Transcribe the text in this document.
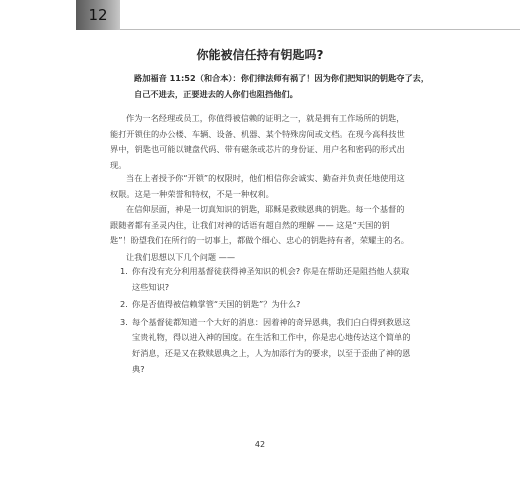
12
你能被信任持有钥匙吗?
路加福音 11:52（和合本）：你们律法师有祸了！因为你们把知识的钥匙夺了去，自己不进去，正要进去的人你们也阻挡他们。
作为一名经理或员工，你值得被信赖的证明之一，就是拥有工作场所的钥匙，能打开锁住的办公楼、车辆、设备、机器、某个特殊房间或文档。在现今高科技世界中，钥匙也可能以键盘代码、带有磁条或芯片的身份证、用户名和密码的形式出现。
当在上者授予你“开锁”的权限时，他们相信你会诚实、勤奋并负责任地使用这权限。这是一种荣誉和特权，不是一种权利。
在信仰层面，神是一切真知识的钥匙，耶稣是救赎恩典的钥匙。每一个基督的跟随者都有圣灵内住，让我们对神的话语有超自然的理解 —— 这是“天国的钥匙”！盼望我们在所行的一切事上，都做个细心、忠心的钥匙持有者，荣耀主的名。
让我们思想以下几个问题 ——
1. 你有没有充分利用基督徒获得神圣知识的机会? 你是在帮助还是阻挡他人获取这些知识?
2. 你是否值得被信赖掌管“天国的钥匙”？为什么?
3. 每个基督徒都知道一个大好的消息：因着神的奇异恩典，我们白白得到救恩这宝贵礼物，得以进入神的国度。在生活和工作中，你是忠心地传达这个简单的好消息，还是又在救赎恩典之上，人为加添行为的要求，以至于歪曲了神的恩典?
42
